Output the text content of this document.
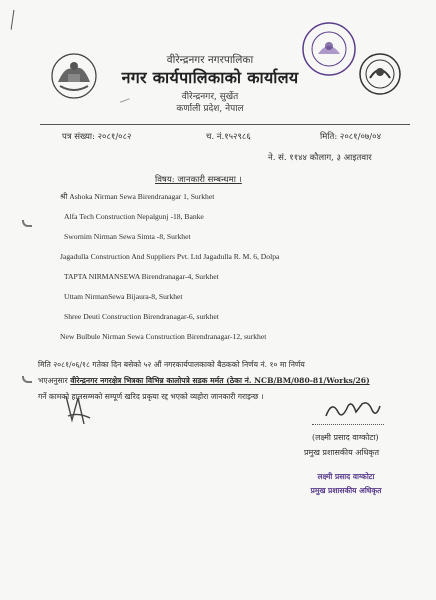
वीरेन्द्रनगर नगरपालिका
नगर कार्यपालिकाको कार्यालय
वीरेन्द्रनगर, सुर्खेत
कर्णाली प्रदेश, नेपाल
पत्र संख्या: २०८१/०८२	च. नं.१५२९८६	मिति: २०८१/०७/०४
ने. सं. ११४४ कौलाग, ३ आइतवार
विषय: जानकारी सम्बन्धमा ।
श्री Ashoka Nirman Sewa Birendranagar 1, Surkhet
Alfa Tech Construction Nepalgunj -18, Banke
Swornim Nirman Sewa Simta -8, Surkhet
Jagadulla Construction And Suppliers Pvt. Ltd Jagadulla R. M. 6, Dolpa
TAPTA NIRMANSEWA Birendranagar-4, Surkhet
Uttam NirmanSewa Bijaura-8, Surkhet
Shree Deuti Construction Birendranagar-6, surkhet
New Bulbule Nirman Sewa Construction Birendranagar-12, surkhet
मिति २०८१/०६/१८ गतेका दिन बसेको ५२ औं नगरकार्यपालकाको बैठकको निर्णय नं. १० मा निर्णय
भएअनुसार वीरेन्द्रनगर नगरक्षेत्र भित्रका विभिन्न कालोपत्रे सडक मर्मत (ठेका नं. NCB/BM/080-81/Works/26)
गर्ने कामको हालसम्मको सम्पूर्ण खरिद प्रकृया रद्द भएको व्यहोरा जानकारी गराइन्छ ।
(लक्ष्मी प्रसाद वाग्कोटा)
प्रमुख प्रशासकीय अधिकृत
लक्ष्मी प्रसाद वाग्कोटा
प्रमुख प्रशासकीय अधिकृत
